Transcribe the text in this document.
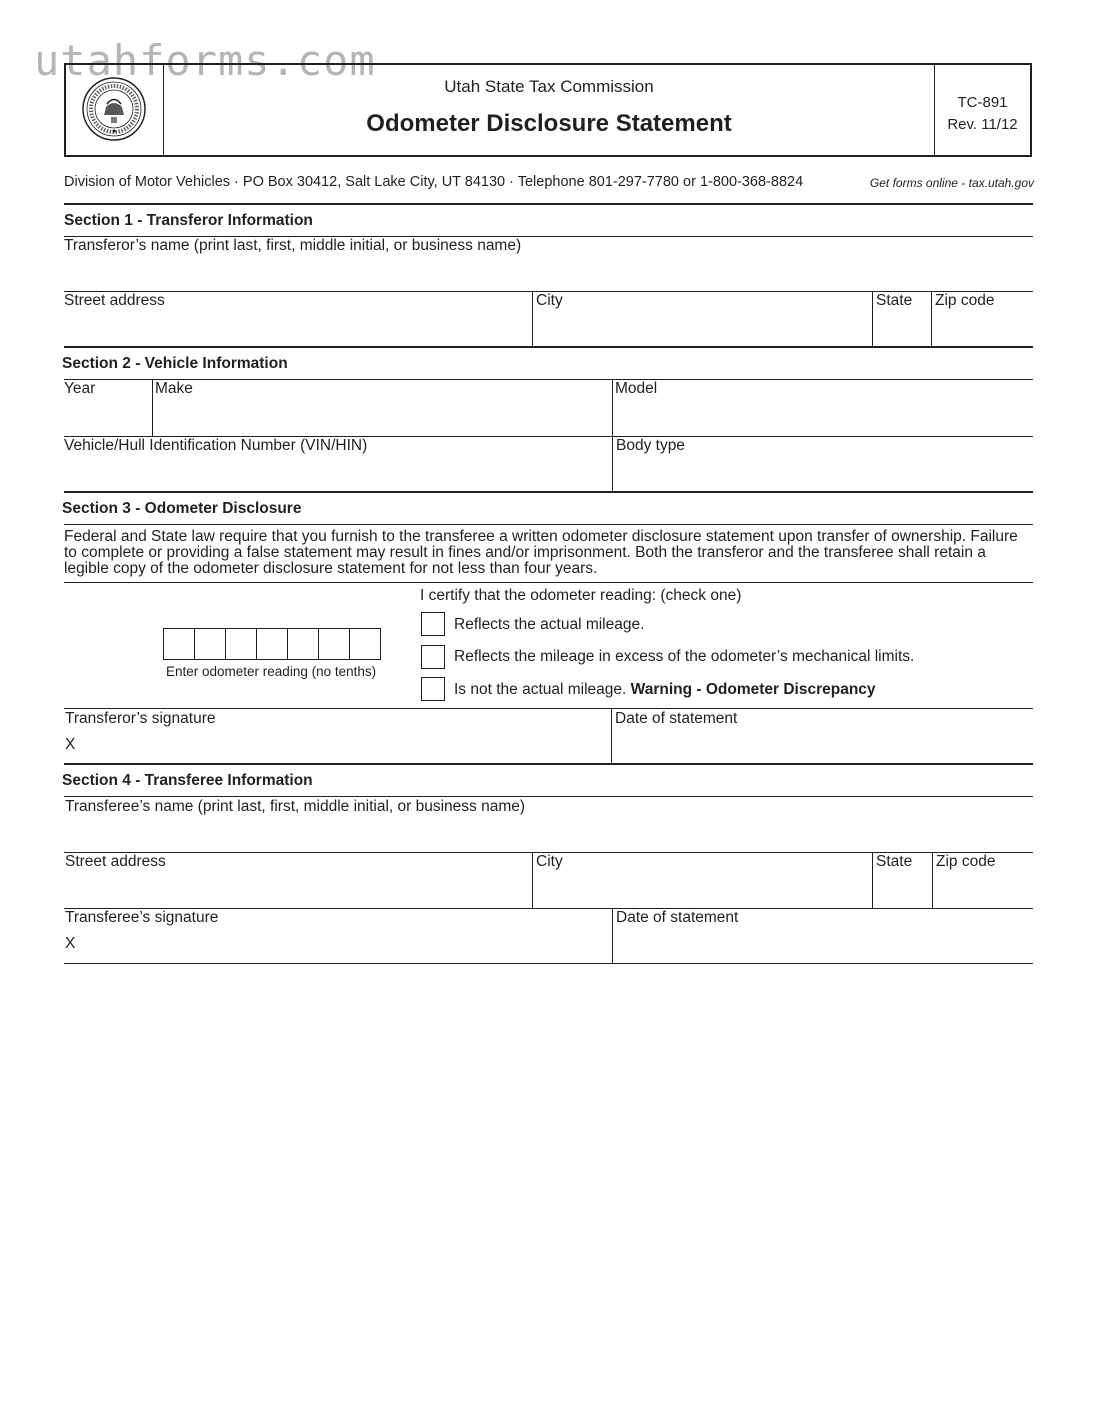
utahforms.com
Utah State Tax Commission
Odometer Disclosure Statement
TC-891
Rev. 11/12
Division of Motor Vehicles · PO Box 30412, Salt Lake City, UT 84130 · Telephone 801-297-7780 or 1-800-368-8824	Get forms online - tax.utah.gov
Section 1 - Transferor Information
Transferor’s name (print last, first, middle initial, or business name)
Street address	City	State Zip code
Section 2 - Vehicle Information
Year	Make	Model
Vehicle/Hull Identification Number (VIN/HIN)	Body type
Section 3 - Odometer Disclosure
Federal and State law require that you furnish to the transferee a written odometer disclosure statement upon transfer of ownership. Failure to complete or providing a false statement may result in fines and/or imprisonment. Both the transferor and the transferee shall retain a legible copy of the odometer disclosure statement for not less than four years.
I certify that the odometer reading: (check one)
Enter odometer reading (no tenths)
Reflects the actual mileage.
Reflects the mileage in excess of the odometer’s mechanical limits.
Is not the actual mileage. Warning - Odometer Discrepancy
Transferor’s signature
X
Date of statement
Section 4 - Transferee Information
Transferee’s name (print last, first, middle initial, or business name)
Street address	City	State Zip code
Transferee’s signature
X
Date of statement
